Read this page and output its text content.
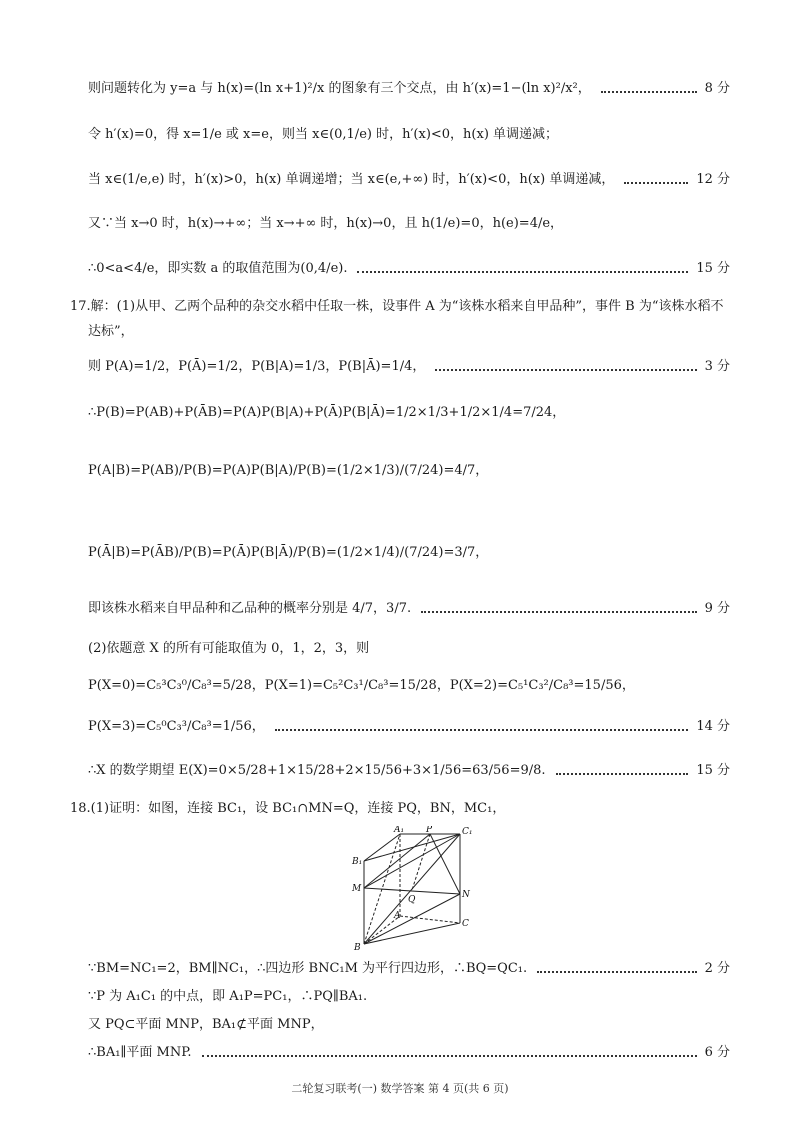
则问题转化为 y=a 与 h(x)=(ln x+1)²/x 的图象有三个交点，由 h′(x)=1−(ln x)²/x²，	8 分
令 h′(x)=0，得 x=1/e 或 x=e，则当 x∈(0,1/e) 时，h′(x)<0，h(x) 单调递减；
当 x∈(1/e,e) 时，h′(x)>0，h(x) 单调递增；当 x∈(e,+∞) 时，h′(x)<0，h(x) 单调递减，	12 分
又∵当 x→0 时，h(x)→+∞；当 x→+∞ 时，h(x)→0，且 h(1/e)=0，h(e)=4/e，
∴0<a<4/e，即实数 a 的取值范围为(0,4/e).	15 分
17.解：(1)从甲、乙两个品种的杂交水稻中任取一株，设事件 A 为“该株水稻来自甲品种”，事件 B 为“该株水稻不
达标”，
则 P(A)=1/2，P(Ā)=1/2，P(B|A)=1/3，P(B|Ā)=1/4，	3 分
∴P(B)=P(AB)+P(ĀB)=P(A)P(B|A)+P(Ā)P(B|Ā)=1/2×1/3+1/2×1/4=7/24，
P(A|B)=P(AB)/P(B)=P(A)P(B|A)/P(B)=(1/2×1/3)/(7/24)=4/7，
P(Ā|B)=P(ĀB)/P(B)=P(Ā)P(B|Ā)/P(B)=(1/2×1/4)/(7/24)=3/7，
即该株水稻来自甲品种和乙品种的概率分别是 4/7，3/7.	9 分
(2)依题意 X 的所有可能取值为 0，1，2，3，则
P(X=0)=C₅³C₃⁰/C₈³=5/28，P(X=1)=C₅²C₃¹/C₈³=15/28，P(X=2)=C₅¹C₃²/C₈³=15/56，
P(X=3)=C₅⁰C₃³/C₈³=1/56，	14 分
∴X 的数学期望 E(X)=0×5/28+1×15/28+2×15/56+3×1/56=63/56=9/8.	15 分
18.(1)证明：如图，连接 BC₁，设 BC₁∩MN=Q，连接 PQ，BN，MC₁，
A₁ P	C₁
B₁
M
Q	N
A
C
B
∵BM=NC₁=2，BM∥NC₁，∴四边形 BNC₁M 为平行四边形，∴BQ=QC₁.	2 分
∵P 为 A₁C₁ 的中点，即 A₁P=PC₁，∴PQ∥BA₁.
又 PQ⊂平面 MNP，BA₁⊄平面 MNP，
∴BA₁∥平面 MNP.	6 分
二轮复习联考(一) 数学答案 第 4 页(共 6 页)
